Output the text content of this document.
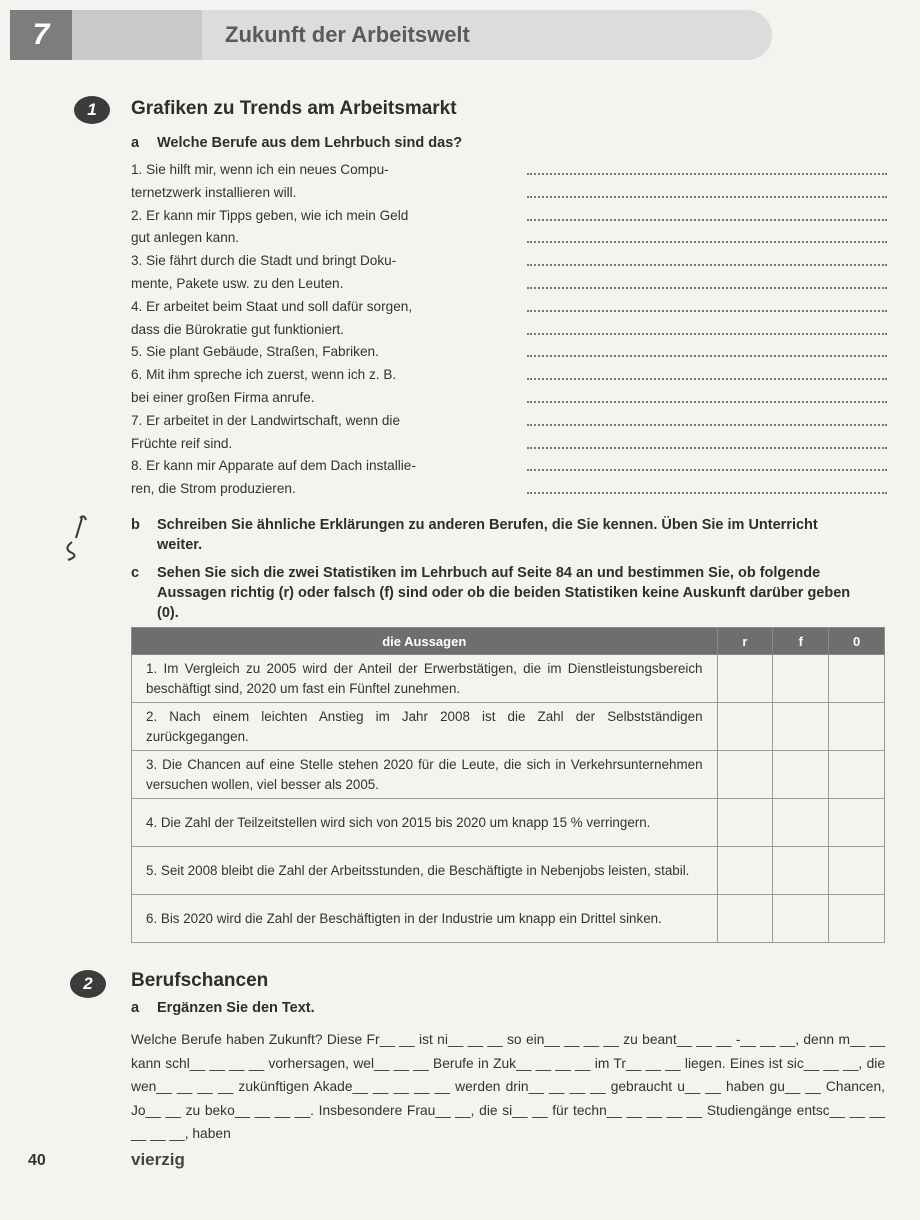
7	Zukunft der Arbeitswelt
1	Grafiken zu Trends am Arbeitsmarkt
a Welche Berufe aus dem Lehrbuch sind das?
1. Sie hilft mir, wenn ich ein neues Compu-
ternetzwerk installieren will.
2. Er kann mir Tipps geben, wie ich mein Geld
gut anlegen kann.
3. Sie fährt durch die Stadt und bringt Doku-
mente, Pakete usw. zu den Leuten.
4. Er arbeitet beim Staat und soll dafür sorgen,
dass die Bürokratie gut funktioniert.
5. Sie plant Gebäude, Straßen, Fabriken.
6. Mit ihm spreche ich zuerst, wenn ich z. B.
bei einer großen Firma anrufe.
7. Er arbeitet in der Landwirtschaft, wenn die
Früchte reif sind.
8. Er kann mir Apparate auf dem Dach installie-
ren, die Strom produzieren.
b	Schreiben Sie ähnliche Erklärungen zu anderen Berufen, die Sie kennen. Üben Sie im Unterricht weiter.
c	Sehen Sie sich die zwei Statistiken im Lehrbuch auf Seite 84 an und bestimmen Sie, ob folgende Aussagen richtig (r) oder falsch (f) sind oder ob die beiden Statistiken keine Auskunft darüber geben (0).
die Aussagen	r	f	0
1. Im Vergleich zu 2005 wird der Anteil der Erwerbstätigen, die im Dienstleistungsbereich beschäftigt sind, 2020 um fast ein Fünftel zunehmen.			
2. Nach einem leichten Anstieg im Jahr 2008 ist die Zahl der Selbstständigen zurückgegangen.			
3. Die Chancen auf eine Stelle stehen 2020 für die Leute, die sich in Verkehrsunternehmen versuchen wollen, viel besser als 2005.			
4. Die Zahl der Teilzeitstellen wird sich von 2015 bis 2020 um knapp 15 % verringern.			
5. Seit 2008 bleibt die Zahl der Arbeitsstunden, die Beschäftigte in Nebenjobs leisten, stabil.			
6. Bis 2020 wird die Zahl der Beschäftigten in der Industrie um knapp ein Drittel sinken.			
2	Berufschancen
a Ergänzen Sie den Text.
Welche Berufe haben Zukunft? Diese Fr__ __ ist ni__ __ __ so ein__ __ __ __ zu beant__ __ __ -__ __ __, denn m__ __ kann schl__ __ __ __ vorhersagen, wel__ __ __ Berufe in Zuk__ __ __ __ im Tr__ __ __ liegen. Eines ist sic__ __ __, die wen__ __ __ __ zukünftigen Akade__ __ __ __ __ werden drin__ __ __ __ gebraucht u__ __ haben gu__ __ Chancen, Jo__ __ zu beko__ __ __ __. Insbesondere Frau__ __, die si__ __ für techn__ __ __ __ __ Studiengänge entsc__ __ __ __ __ __, haben
40	vierzig
